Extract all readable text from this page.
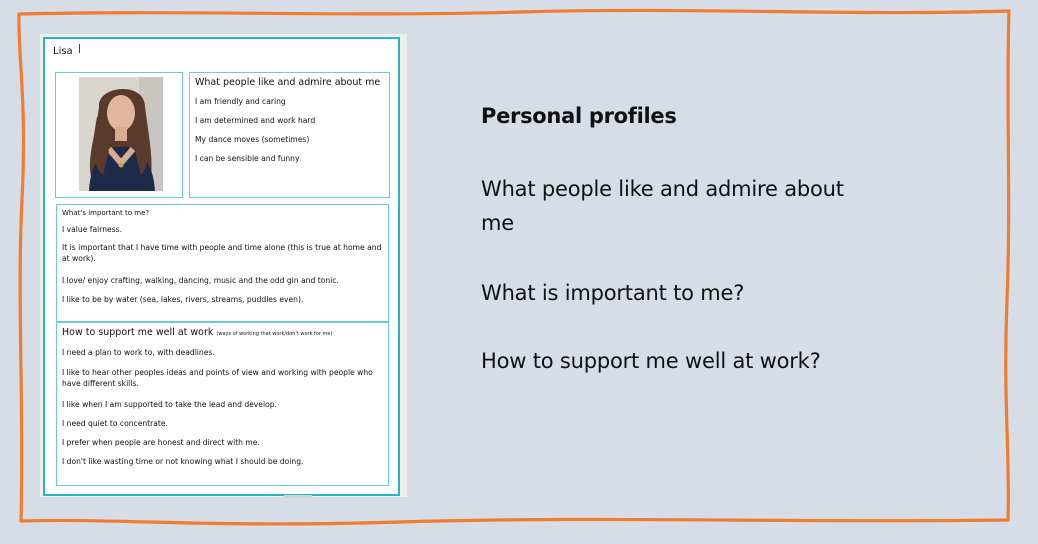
Lisa
What people like and admire about me
I am friendly and caring
I am determined and work hard
My dance moves (sometimes)
I can be sensible and funny
What's important to me?
I value fairness.
It is important that I have time with people and time alone (this is true at home and at work).
I love/ enjoy crafting, walking, dancing, music and the odd gin and tonic.
I like to be by water (sea, lakes, rivers, streams, puddles even).
How to support me well at work (ways of working that work/don't work for me)
I need a plan to work to, with deadlines.
I like to hear other peoples ideas and points of view and working with people who have different skills.
I like when I am supported to take the lead and develop.
I need quiet to concentrate.
I prefer when people are honest and direct with me.
I don't like wasting time or not knowing what I should be doing.
Personal profiles
What people like and admire about me
What is important to me?
How to support me well at work?
